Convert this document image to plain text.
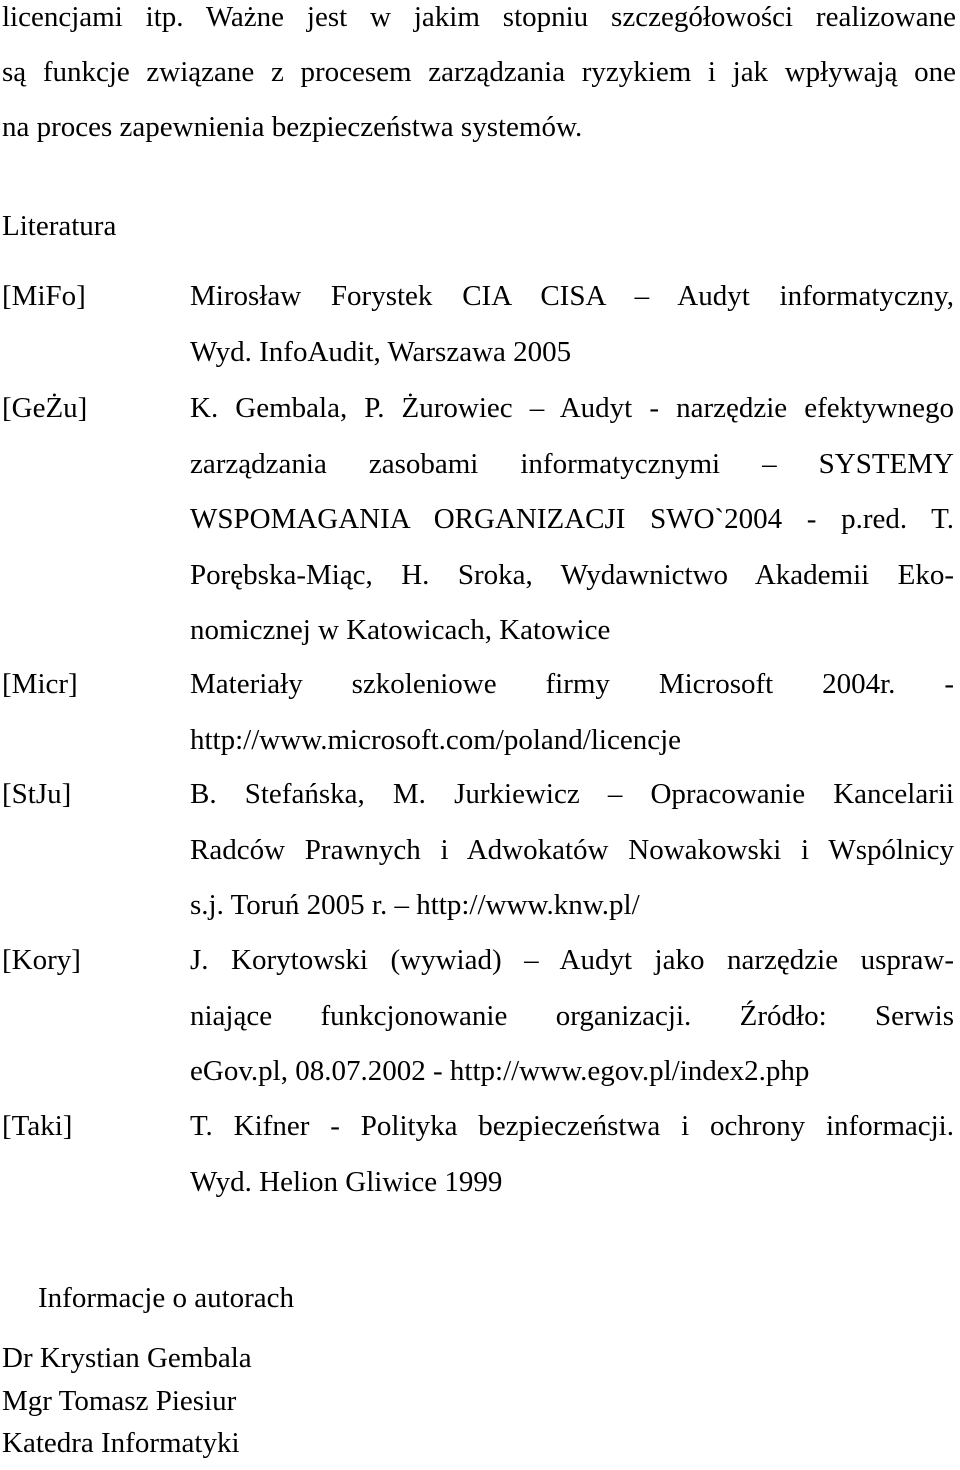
licencjami itp. Ważne jest w jakim stopniu szczegółowości realizowane
są funkcje związane z procesem zarządzania ryzykiem i jak wpływają one
na proces zapewnienia bezpieczeństwa systemów.
Literatura
[MiFo]	Mirosław Forystek CIA CISA – Audyt informatyczny,
Wyd. InfoAudit, Warszawa 2005
[GeŻu]	K. Gembala, P. Żurowiec – Audyt - narzędzie efektywnego
zarządzania zasobami informatycznymi – SYSTEMY
WSPOMAGANIA ORGANIZACJI SWO`2004 - p.red. T.
Porębska-Miąc, H. Sroka, Wydawnictwo Akademii Eko-
nomicznej w Katowicach, Katowice
[Micr]	Materiały szkoleniowe firmy Microsoft 2004r. -
http://www.microsoft.com/poland/licencje
[StJu]	B. Stefańska, M. Jurkiewicz – Opracowanie Kancelarii
Radców Prawnych i Adwokatów Nowakowski i Wspólnicy
s.j. Toruń 2005 r. – http://www.knw.pl/
[Kory]	J. Korytowski (wywiad) – Audyt jako narzędzie uspraw-
niające funkcjonowanie organizacji. Źródło: Serwis
eGov.pl, 08.07.2002 - http://www.egov.pl/index2.php
[Taki]	T. Kifner - Polityka bezpieczeństwa i ochrony informacji.
Wyd. Helion Gliwice 1999
Informacje o autorach
Dr Krystian Gembala
Mgr Tomasz Piesiur
Katedra Informatyki
